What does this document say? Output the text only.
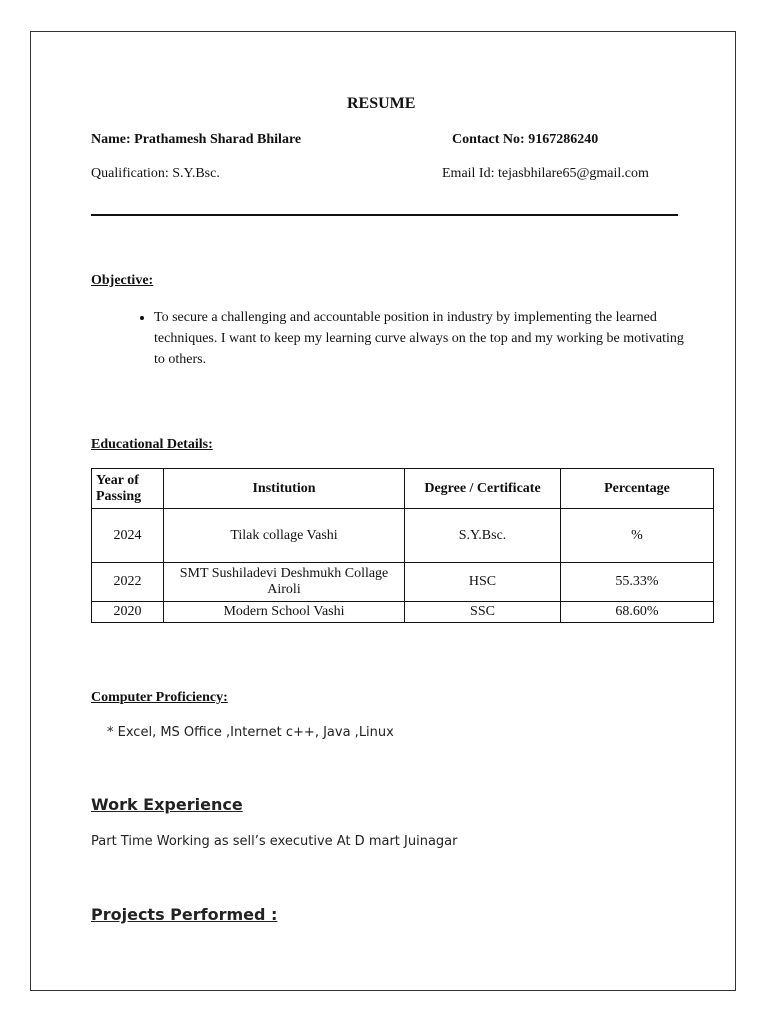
RESUME
Name: Prathamesh Sharad Bhilare	Contact No: 9167286240
Qualification: S.Y.Bsc.	Email Id: tejasbhilare65@gmail.com
Objective:
• To secure a challenging and accountable position in industry by implementing the learned techniques. I want to keep my learning curve always on the top and my working be motivating to others.
Educational Details:
Year of Passing	Institution	Degree / Certificate	Percentage
2024	Tilak collage Vashi	S.Y.Bsc.	%
2022	SMT Sushiladevi Deshmukh Collage Airoli	HSC	55.33%
2020	Modern School Vashi	SSC	68.60%
Computer Proficiency:
* Excel, MS Office ,Internet c++, Java ,Linux
Work Experience
Part Time Working as sell’s executive At D mart Juinagar
Projects Performed :
